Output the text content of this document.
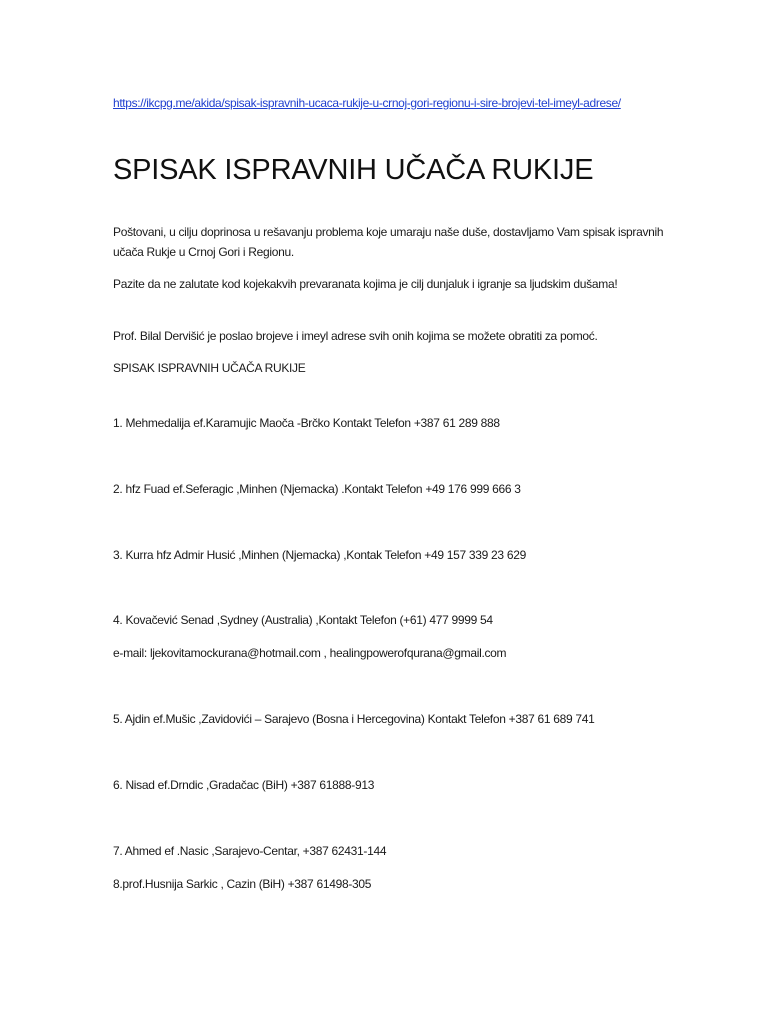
https://ikcpg.me/akida/spisak-ispravnih-ucaca-rukije-u-crnoj-gori-regionu-i-sire-brojevi-tel-imeyl-adrese/
SPISAK ISPRAVNIH UČAČA RUKIJE

Poštovani, u cilju doprinosa u rešavanju problema koje umaraju naše duše, dostavljamo Vam spisak ispravnih učača Rukje u Crnoj Gori i Regionu.

Pazite da ne zalutate kod kojekakvih prevaranata kojima je cilj dunjaluk i igranje sa ljudskim dušama!

Prof. Bilal Dervišić je poslao brojeve i imeyl adrese svih onih kojima se možete obratiti za pomoć.

SPISAK ISPRAVNIH UČAČA RUKIJE

1. Mehmedalija ef.Karamujic Maoča -Brčko Kontakt Telefon +387 61 289 888
2. hfz Fuad ef.Seferagic ,Minhen (Njemacka) .Kontakt Telefon +49 176 999 666 3
3. Kurra hfz Admir Husić ,Minhen (Njemacka) ,Kontak Telefon +49 157 339 23 629
4. Kovačević Senad ,Sydney (Australia) ,Kontakt Telefon (+61) 477 9999 54
e-mail: ljekovitamockurana@hotmail.com , healingpowerofqurana@gmail.com
5. Ajdin ef.Mušic ,Zavidovići – Sarajevo (Bosna i Hercegovina) Kontakt Telefon +387 61 689 741
6. Nisad ef.Drndic ,Gradačac (BiH) +387 61888-913
7. Ahmed ef .Nasic ,Sarajevo-Centar, +387 62431-144
8.prof.Husnija Sarkic , Cazin (BiH) +387 61498-305
